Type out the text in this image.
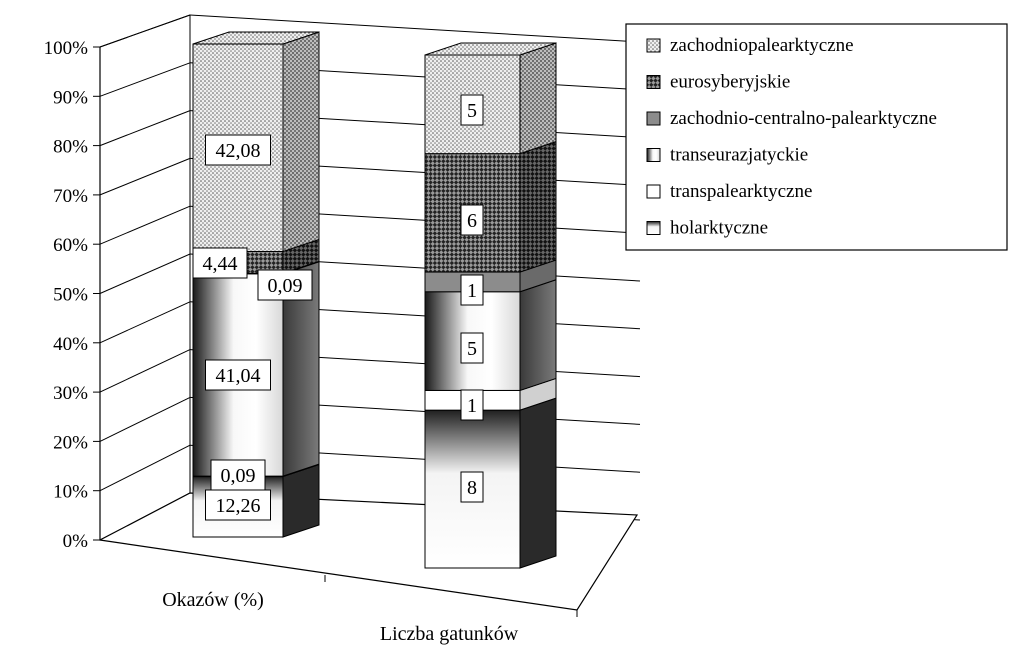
0%
10%
20%
30%
40%
50%
60%
70%
80%
90%
100%
Okazów (%)
Liczba gatunków
12,26
0,09
41,04
0,09
4,44
42,08
8
1
5
1
6
5
zachodniopalearktyczne
eurosyberyjskie
zachodnio-centralno-palearktyczne
transeurazjatyckie
transpalearktyczne
holarktyczne
